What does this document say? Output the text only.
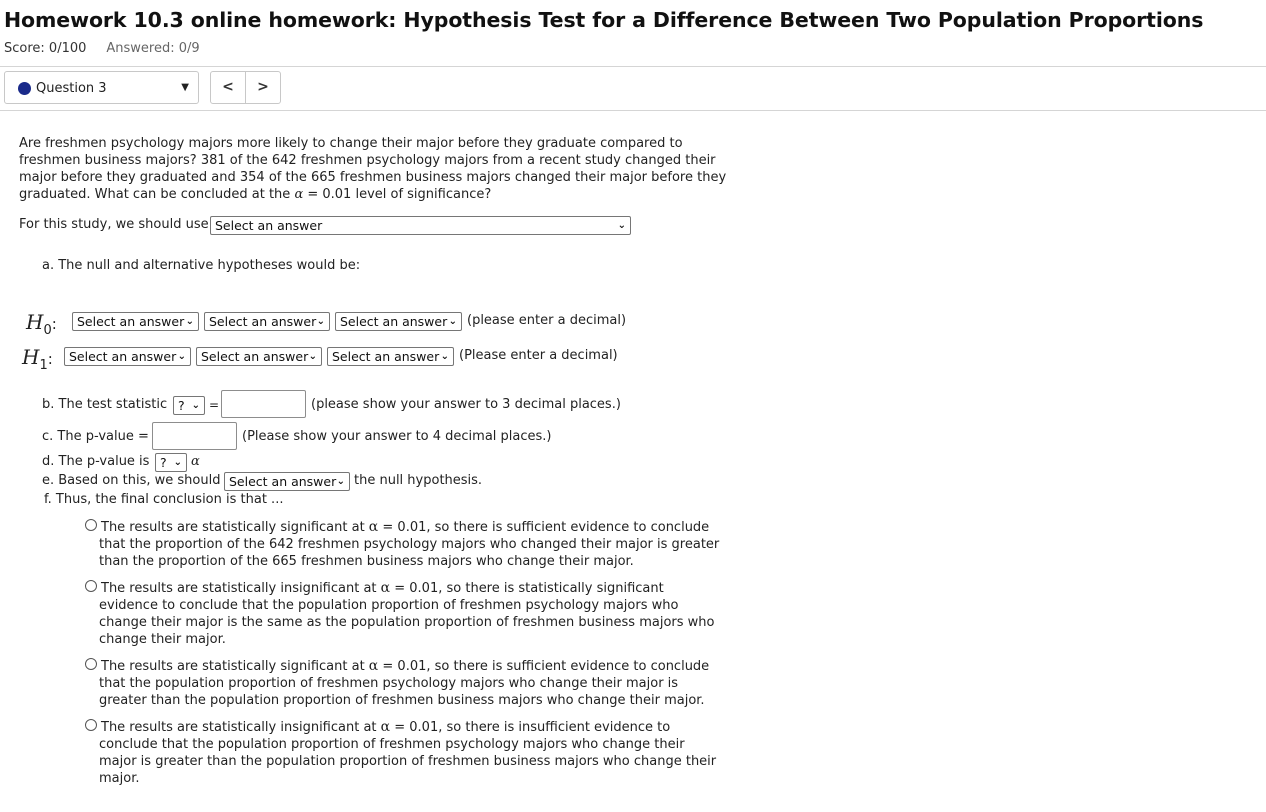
Homework 10.3 online homework: Hypothesis Test for a Difference Between Two Population Proportions
Score: 0/100 Answered: 0/9
Question 3	▼	<	>
Are freshmen psychology majors more likely to change their major before they graduate compared to freshmen business majors? 381 of the 642 freshmen psychology majors from a recent study changed their major before they graduated and 354 of the 665 freshmen business majors changed their major before they graduated. What can be concluded at the α = 0.01 level of significance?
For this study, we should use Select an answer	⌄
a. The null and alternative hypotheses would be:
$H_0$:	Select an answer ⌄	Select an answer ⌄	Select an answer ⌄ (please enter a decimal)
$H_1$:	Select an answer ⌄	Select an answer ⌄	Select an answer ⌄ (Please enter a decimal)
b. The test statistic ? ⌄ =	(please show your answer to 3 decimal places.)
c. The p-value =	(Please show your answer to 4 decimal places.)
d. The p-value is ? ⌄ α
e. Based on this, we should Select an answer ⌄ the null hypothesis.
f. Thus, the final conclusion is that ...
The results are statistically significant at α = 0.01, so there is sufficient evidence to conclude that the proportion of the 642 freshmen psychology majors who changed their major is greater than the proportion of the 665 freshmen business majors who change their major.
The results are statistically insignificant at α = 0.01, so there is statistically significant evidence to conclude that the population proportion of freshmen psychology majors who change their major is the same as the population proportion of freshmen business majors who change their major.
The results are statistically significant at α = 0.01, so there is sufficient evidence to conclude that the population proportion of freshmen psychology majors who change their major is greater than the population proportion of freshmen business majors who change their major.
The results are statistically insignificant at α = 0.01, so there is insufficient evidence to conclude that the population proportion of freshmen psychology majors who change their major is greater than the population proportion of freshmen business majors who change their major.
